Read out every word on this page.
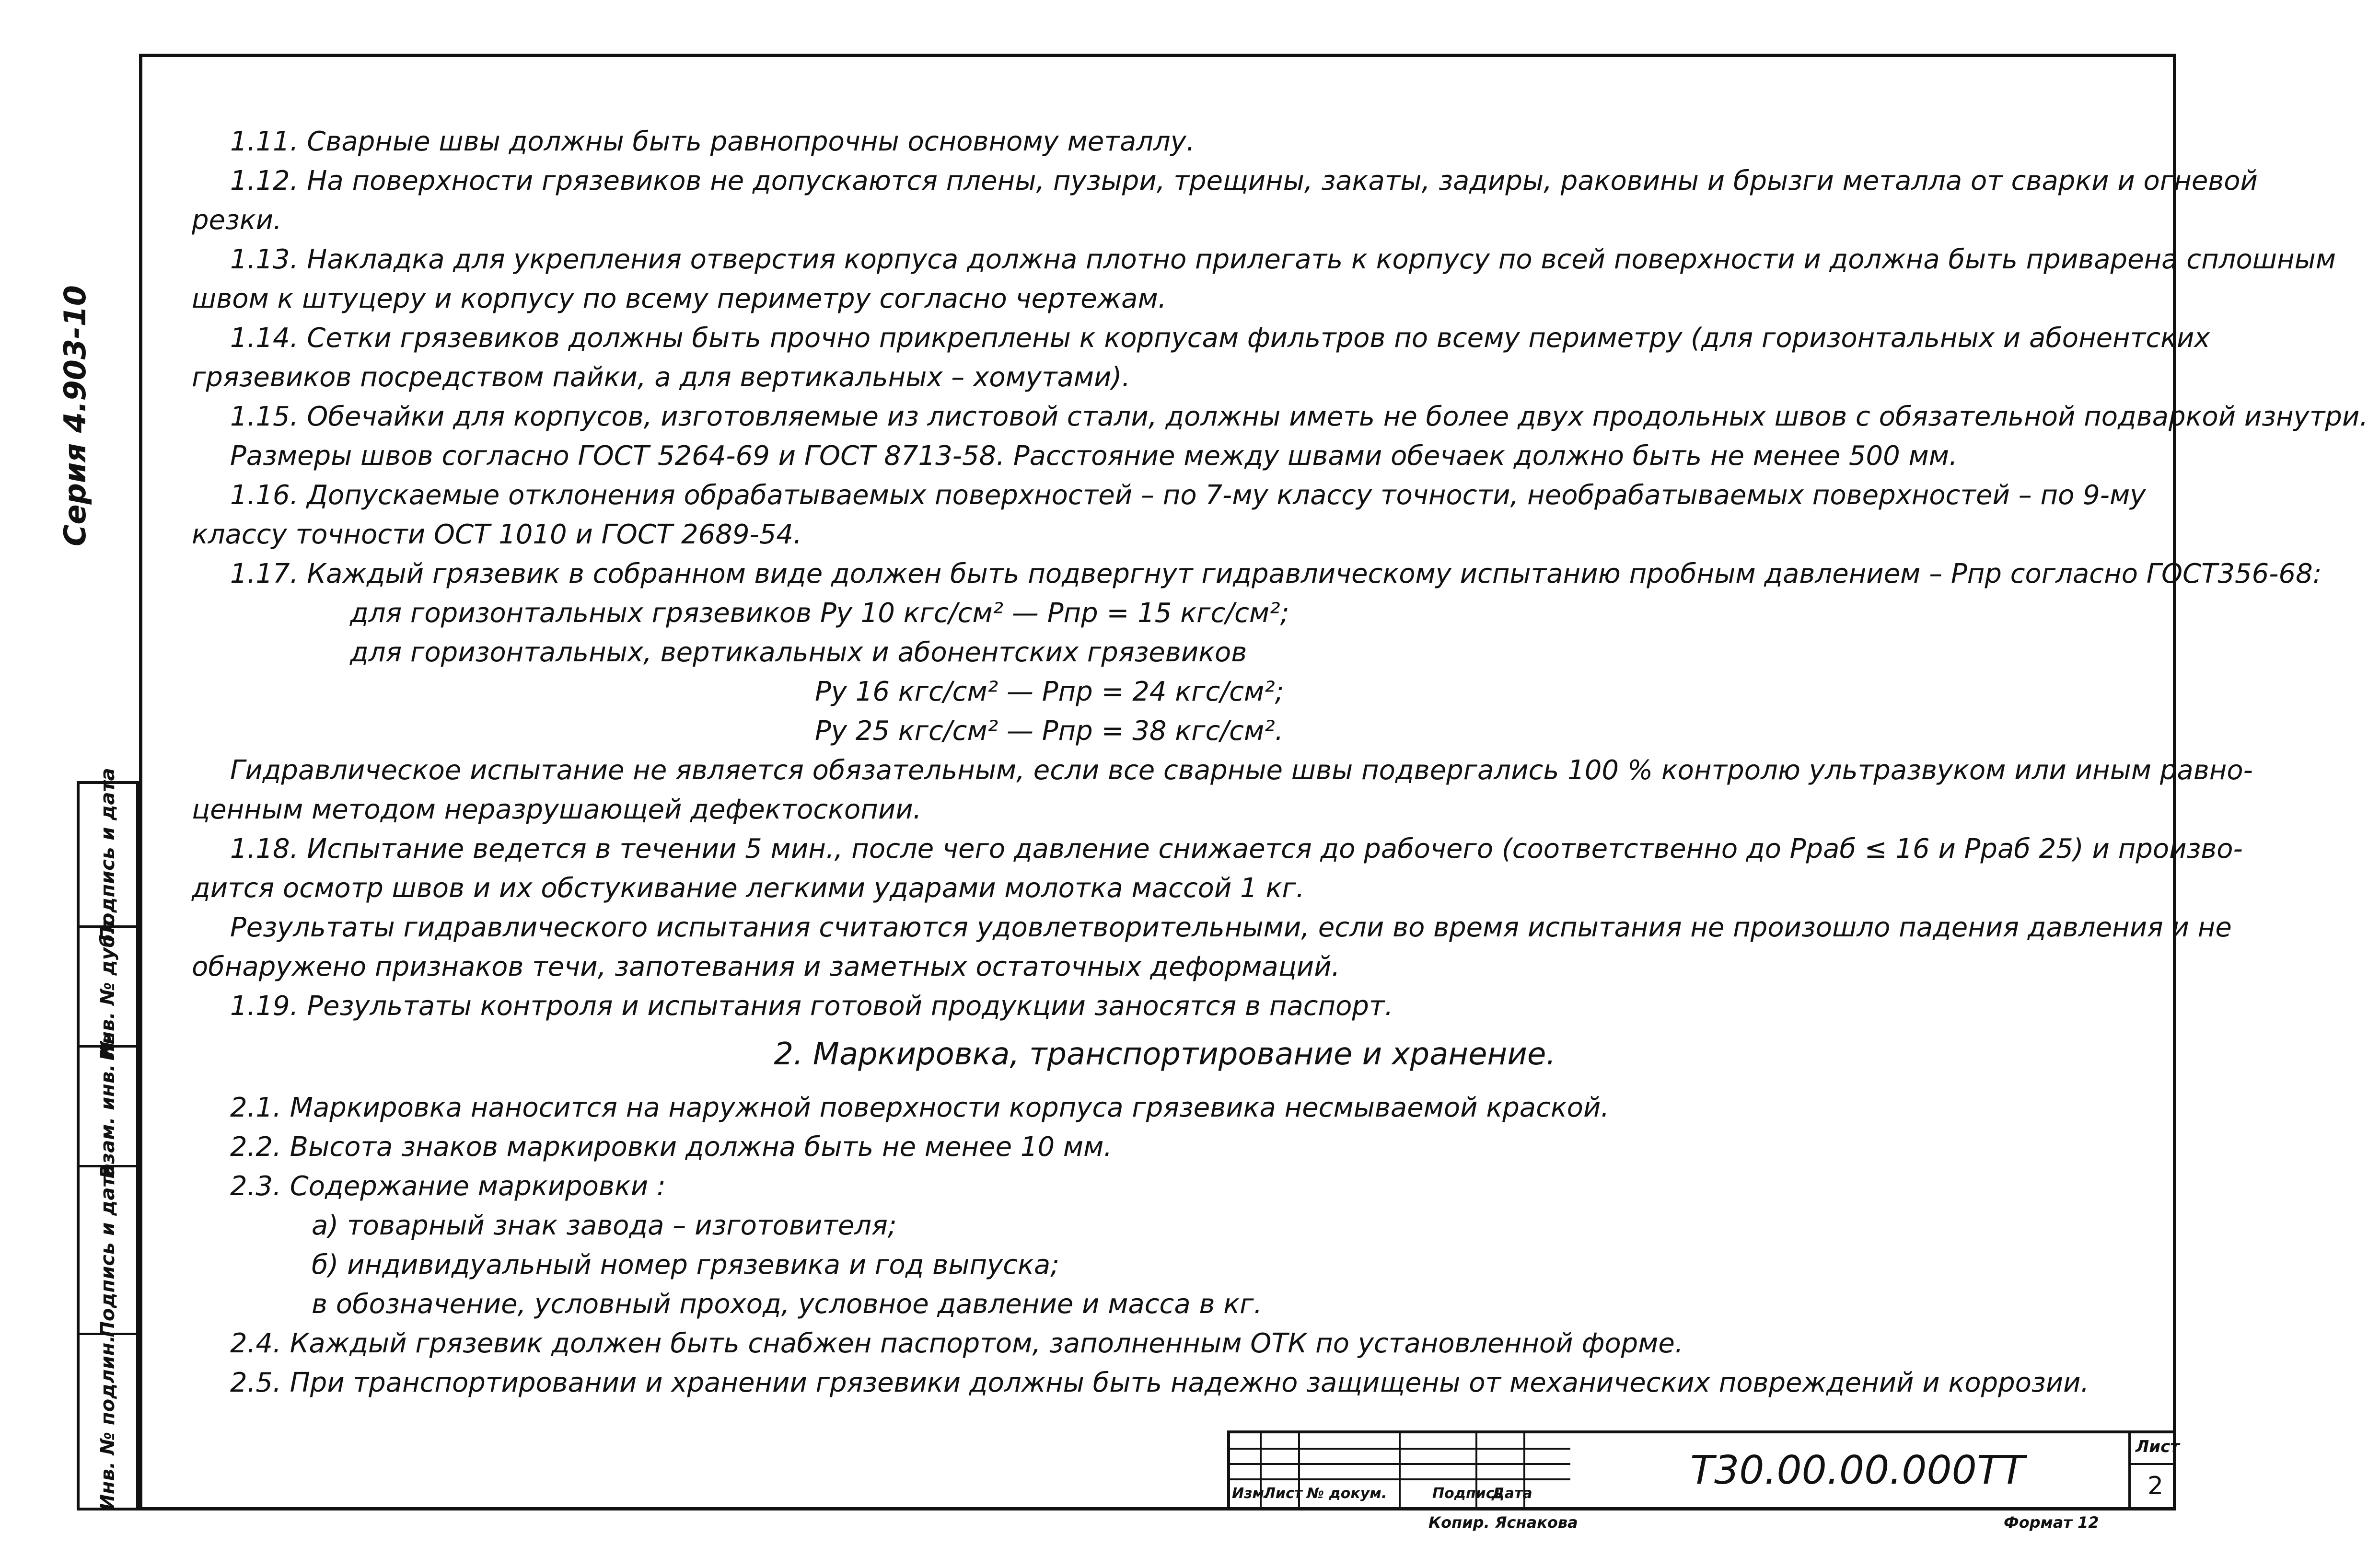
Серия 4.903-10
Подпись и дата
Инв. № дубл.
Взам. инв. №
Подпись и дата
Инв. № подлин.

1.11. Сварные швы должны быть равнопрочны основному металлу.

1.12. На поверхности грязевиков не допускаются плены, пузыри, трещины, закаты, задиры, раковины и брызги металла от сварки и огневой

резки.

1.13. Накладка для укрепления отверстия корпуса должна плотно прилегать к корпусу по всей поверхности и должна быть приварена сплошным

швом к штуцеру и корпусу по всему периметру согласно чертежам.

1.14. Сетки грязевиков должны быть прочно прикреплены к корпусам фильтров по всему периметру (для горизонтальных и абонентских

грязевиков посредством пайки, а для вертикальных – хомутами).

1.15. Обечайки для корпусов, изготовляемые из листовой стали, должны иметь не более двух продольных швов с обязательной подваркой изнутри.

Размеры швов согласно ГОСТ 5264-69 и ГОСТ 8713-58. Расстояние между швами обечаек должно быть не менее 500 мм.

1.16. Допускаемые отклонения обрабатываемых поверхностей – по 7-му классу точности, необрабатываемых поверхностей – по 9-му

классу точности ОСТ 1010 и ГОСТ 2689-54.

1.17. Каждый грязевик в собранном виде должен быть подвергнут гидравлическому испытанию пробным давлением – Рпр согласно ГОСТ356-68:

для горизонтальных грязевиков Ру 10 кгс/см² — Рпр = 15 кгс/см²;

для горизонтальных, вертикальных и абонентских грязевиков

Ру 16 кгс/см² — Рпр = 24 кгс/см²;

Ру 25 кгс/см² — Рпр = 38 кгс/см².

Гидравлическое испытание не является обязательным, если все сварные швы подвергались 100 % контролю ультразвуком или иным равно-

ценным методом неразрушающей дефектоскопии.

1.18. Испытание ведется в течении 5 мин., после чего давление снижается до рабочего (соответственно до Рраб ≤ 16 и Рраб 25) и произво-

дится осмотр швов и их обстукивание легкими ударами молотка массой 1 кг.

Результаты гидравлического испытания считаются удовлетворительными, если во время испытания не произошло падения давления и не

обнаружено признаков течи, запотевания и заметных остаточных деформаций.

1.19. Результаты контроля и испытания готовой продукции заносятся в паспорт.

2. Маркировка, транспортирование и хранение.

2.1. Маркировка наносится на наружной поверхности корпуса грязевика несмываемой краской.

2.2. Высота знаков маркировки должна быть не менее 10 мм.

2.3. Содержание маркировки :

а) товарный знак завода – изготовителя;

б) индивидуальный номер грязевика и год выпуска;

в обозначение, условный проход, условное давление и масса в кг.

2.4. Каждый грязевик должен быть снабжен паспортом, заполненным ОТК по установленной форме.

2.5. При транспортировании и хранении грязевики должны быть надежно защищены от механических повреждений и коррозии.

Изм.
Лист № докум.	Подпись
Дата
Т30.00.00.000ТТ
Лист
2
Копир. Яснакова	Формат 12
